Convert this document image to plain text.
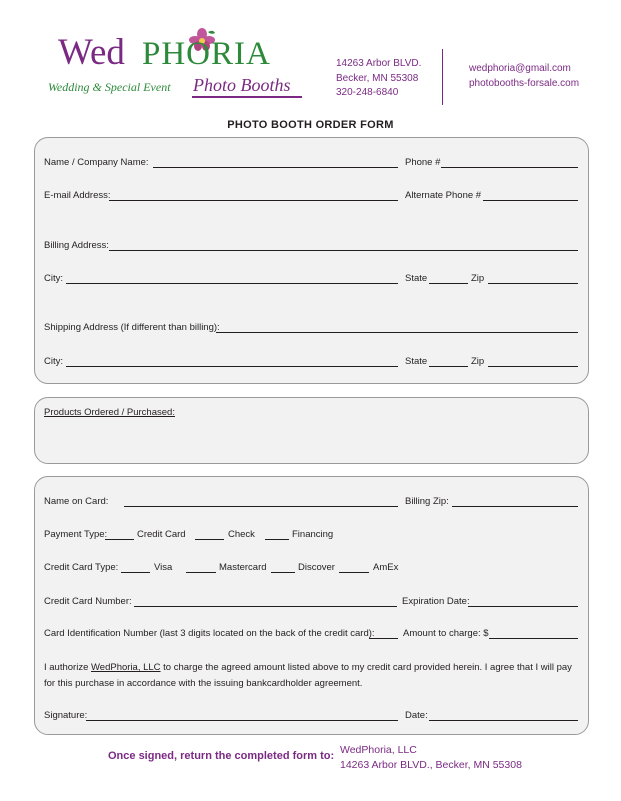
Wed PHORIA
Wedding & Special Event Photo Booths
14263 Arbor BLVD.
Becker, MN 55308
320-248-6840
wedphoria@gmail.com
photobooths-forsale.com
PHOTO BOOTH ORDER FORM
Name / Company Name:	Phone #
E-mail Address:	Alternate Phone #
Billing Address:
City:	State	Zip
Shipping Address (If different than billing):
City:	State	Zip
Products Ordered / Purchased:
Name on Card:	Billing Zip:
Payment Type:	Credit Card	Check	Financing
Credit Card Type:	Visa	Mastercard	Discover	AmEx
Credit Card Number:	Expiration Date:
Card Identification Number (last 3 digits located on the back of the credit card):	Amount to charge: $
I authorize WedPhoria, LLC to charge the agreed amount listed above to my credit card provided herein. I agree that I will pay for this purchase in accordance with the issuing bankcardholder agreement.
Signature:	Date:
Once signed, return the completed form to: WedPhoria, LLC
14263 Arbor BLVD., Becker, MN 55308
